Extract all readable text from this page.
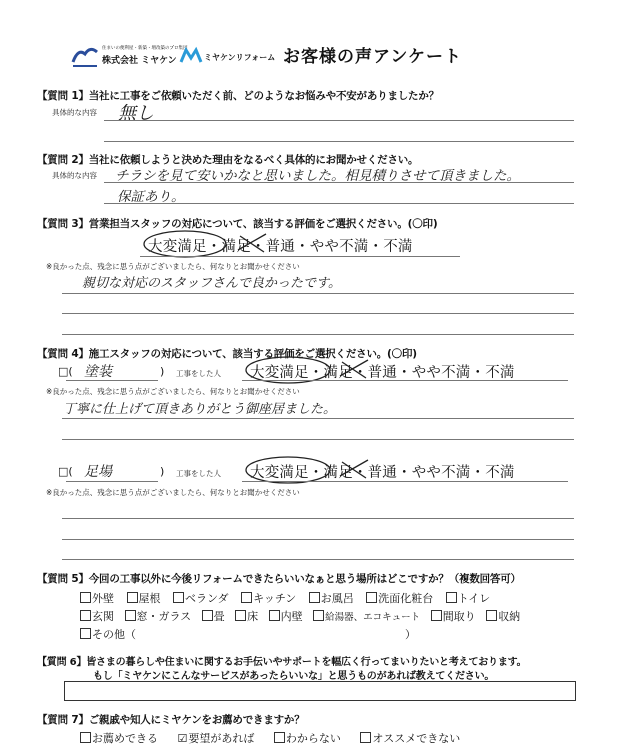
住まいの便利屋・新築・増改築のプロ集団
株式会社 ミヤケン	ミヤケンリフォーム お客様の声アンケート
【質問 1】当社に工事をご依頼いただく前、どのようなお悩みや不安がありましたか？
具体的な内容 無し
【質問 2】当社に依頼しようと決めた理由をなるべく具体的にお聞かせください。
具体的な内容 チラシを見て安いかなと思いました。相見積りさせて頂きました。
保証あり。
【質問 3】営業担当スタッフの対応について、該当する評価をご選択ください。(〇印)
大変満足・満足・普通・やや不満・不満
※良かった点、残念に思う点がございましたら、何なりとお聞かせください
親切な対応のスタッフさんで良かったです。
【質問 4】施工スタッフの対応について、該当する評価をご選択ください。(〇印)
□( 塗装	) 工事をした人 大変満足・満足・普通・やや不満・不満
※良かった点、残念に思う点がございましたら、何なりとお聞かせください
丁寧に仕上げて頂きありがとう御座居ました。
□( 足場	) 工事をした人 大変満足・満足・普通・やや不満・不満
※良かった点、残念に思う点がございましたら、何なりとお聞かせください
【質問 5】今回の工事以外に今後リフォームできたらいいなぁと思う場所はどこですか？（複数回答可）
外壁 屋根 ベランダ キッチン お風呂 洗面化粧台 トイレ
玄関 窓・ガラス 畳 床 内壁 給湯器、エコキュート 間取り 収納
その他（	）
【質問 6】皆さまの暮らしや住まいに関するお手伝いやサポートを幅広く行ってまいりたいと考えております。
もし「ミヤケンにこんなサービスがあったらいいな」と思うものがあれば教えてください。
【質問 7】ご親戚や知人にミヤケンをお薦めできますか？
お薦めできる ☑要望があれば	わからない	オススメできない
